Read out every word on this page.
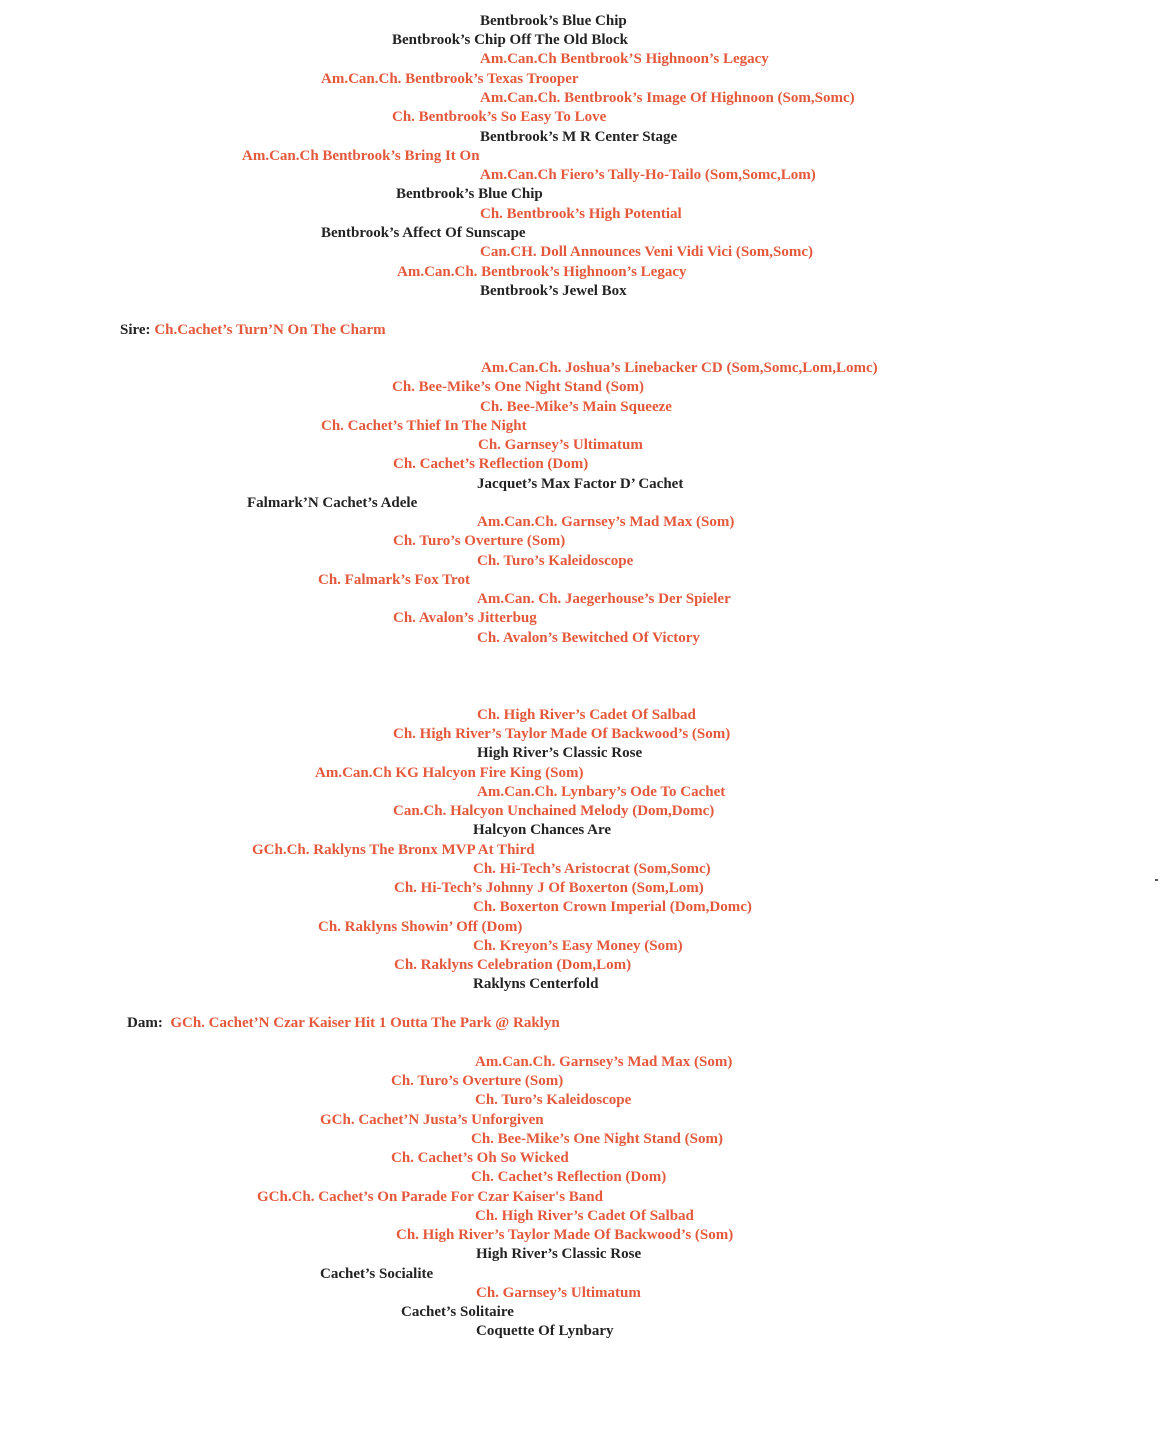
Bentbrook’s Blue Chip
Bentbrook’s Chip Off The Old Block
Am.Can.Ch Bentbrook’S Highnoon’s Legacy
Am.Can.Ch. Bentbrook’s Texas Trooper
Am.Can.Ch. Bentbrook’s Image Of Highnoon (Som,Somc)
Ch. Bentbrook’s So Easy To Love
Bentbrook’s M R Center Stage
Am.Can.Ch Bentbrook’s Bring It On
Am.Can.Ch Fiero’s Tally-Ho-Tailo (Som,Somc,Lom)
Bentbrook’s Blue Chip
Ch. Bentbrook’s High Potential
Bentbrook’s Affect Of Sunscape
Can.CH. Doll Announces Veni Vidi Vici (Som,Somc)
Am.Can.Ch. Bentbrook’s Highnoon’s Legacy
Bentbrook’s Jewel Box
Sire: Ch.Cachet’s Turn’N On The Charm
Am.Can.Ch. Joshua’s Linebacker CD (Som,Somc,Lom,Lomc)
Ch. Bee-Mike’s One Night Stand (Som)
Ch. Bee-Mike’s Main Squeeze
Ch. Cachet’s Thief In The Night
Ch. Garnsey’s Ultimatum
Ch. Cachet’s Reflection (Dom)
Jacquet’s Max Factor D’ Cachet
Falmark’N Cachet’s Adele
Am.Can.Ch. Garnsey’s Mad Max (Som)
Ch. Turo’s Overture (Som)
Ch. Turo’s Kaleidoscope
Ch. Falmark’s Fox Trot
Am.Can. Ch. Jaegerhouse’s Der Spieler
Ch. Avalon’s Jitterbug
Ch. Avalon’s Bewitched Of Victory
Ch. High River’s Cadet Of Salbad
Ch. High River’s Taylor Made Of Backwood’s (Som)
High River’s Classic Rose
Am.Can.Ch KG Halcyon Fire King (Som)
Am.Can.Ch. Lynbary’s Ode To Cachet
Can.Ch. Halcyon Unchained Melody (Dom,Domc)
Halcyon Chances Are
GCh.Ch. Raklyns The Bronx MVP At Third
Ch. Hi-Tech’s Aristocrat (Som,Somc)
Ch. Hi-Tech’s Johnny J Of Boxerton (Som,Lom)
Ch. Boxerton Crown Imperial (Dom,Domc)
Ch. Raklyns Showin’ Off (Dom)
Ch. Kreyon’s Easy Money (Som)
Ch. Raklyns Celebration (Dom,Lom)
Raklyns Centerfold
Dam: GCh. Cachet’N Czar Kaiser Hit 1 Outta The Park @ Raklyn
Am.Can.Ch. Garnsey’s Mad Max (Som)
Ch. Turo’s Overture (Som)
Ch. Turo’s Kaleidoscope
GCh. Cachet’N Justa’s Unforgiven
Ch. Bee-Mike’s One Night Stand (Som)
Ch. Cachet’s Oh So Wicked
Ch. Cachet’s Reflection (Dom)
GCh.Ch. Cachet’s On Parade For Czar Kaiser's Band
Ch. High River’s Cadet Of Salbad
Ch. High River’s Taylor Made Of Backwood’s (Som)
High River’s Classic Rose
Cachet’s Socialite
Ch. Garnsey’s Ultimatum
Cachet’s Solitaire
Coquette Of Lynbary
